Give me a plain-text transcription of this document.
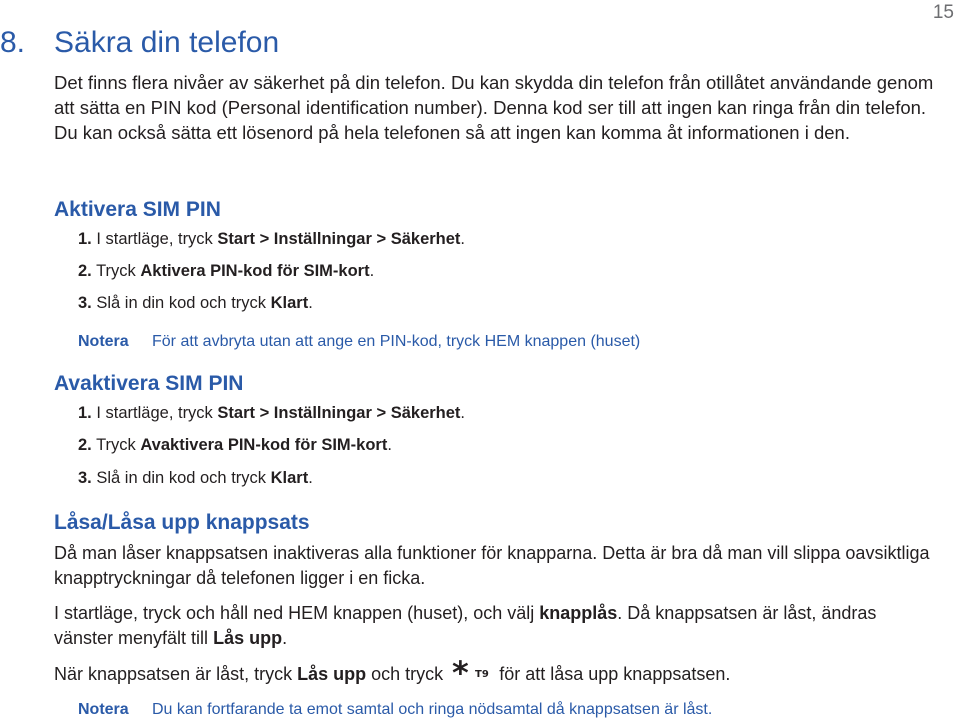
15
8. Säkra din telefon

Det finns flera nivåer av säkerhet på din telefon. Du kan skydda din telefon från otillåtet användande genom att sätta en PIN kod (Personal identification number). Denna kod ser till att ingen kan ringa från din telefon. Du kan också sätta ett lösenord på hela telefonen så att ingen kan komma åt informationen i den.

Aktivera SIM PIN
1. I startläge, tryck Start > Inställningar > Säkerhet.
2. Tryck Aktivera PIN-kod för SIM-kort.
3. Slå in din kod och tryck Klart.
Notera För att avbryta utan att ange en PIN-kod, tryck HEM knappen (huset)
Avaktivera SIM PIN
1. I startläge, tryck Start > Inställningar > Säkerhet.
2. Tryck Avaktivera PIN-kod för SIM-kort.
3. Slå in din kod och tryck Klart.
Låsa/Låsa upp knappsats

Då man låser knappsatsen inaktiveras alla funktioner för knapparna. Detta är bra då man vill slippa oavsiktliga knapptryckningar då telefonen ligger i en ficka.

I startläge, tryck och håll ned HEM knappen (huset), och välj knapplås. Då knappsatsen är låst, ändras vänster menyfält till Lås upp.

När knappsatsen är låst, tryck Lås upp och tryck * T9 för att låsa upp knappsatsen.

Notera Du kan fortfarande ta emot samtal och ringa nödsamtal då knappsatsen är låst.
